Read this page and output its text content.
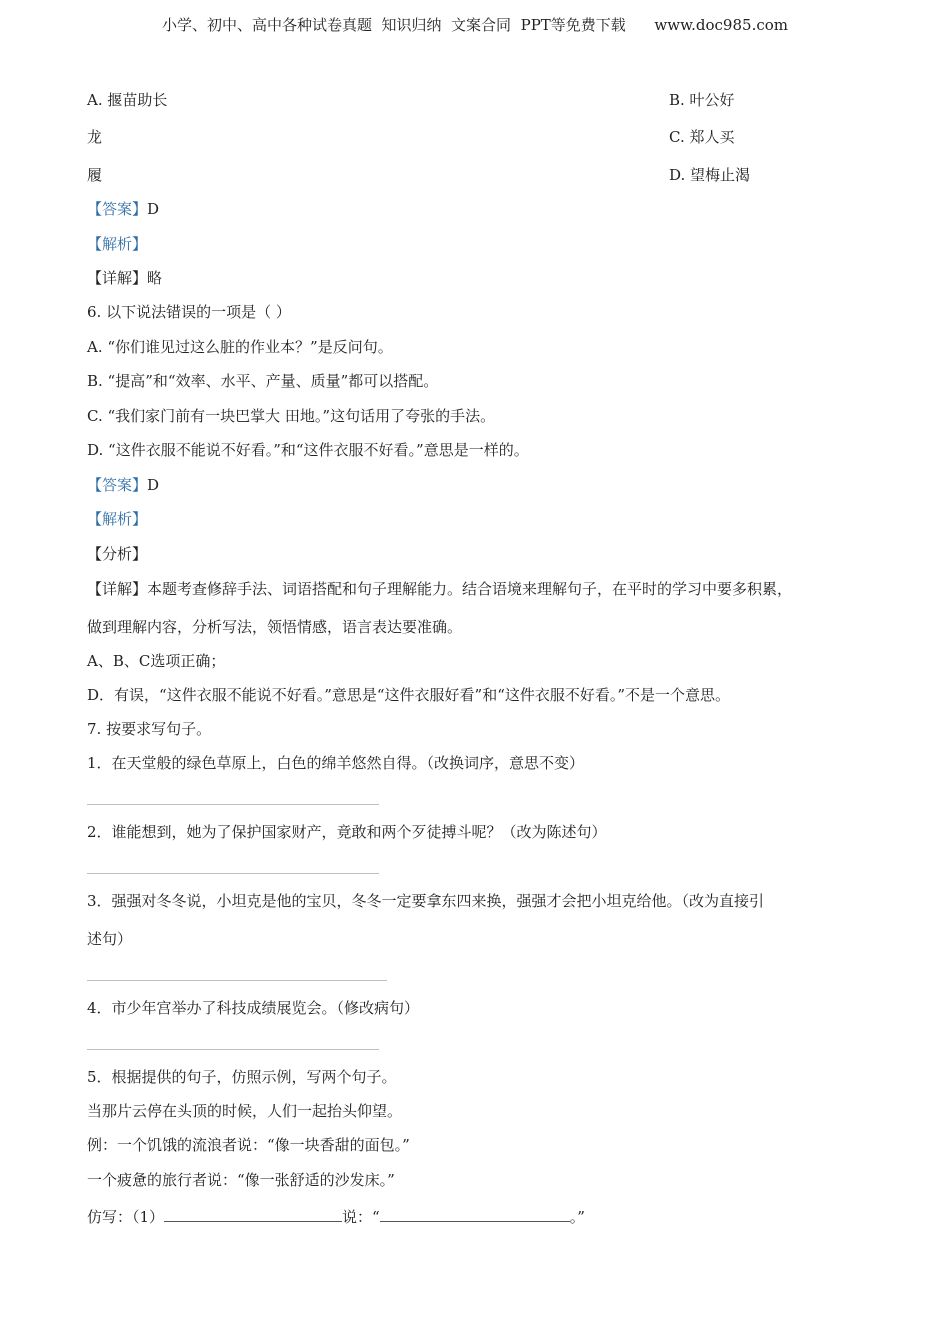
小学、初中、高中各种试卷真题  知识归纳  文案合同  PPT等免费下载      www.doc985.com
A. 揠苗助长	B. 叶公好
龙	C. 郑人买
履	D. 望梅止渴
【答案】D
【解析】
【详解】略
6. 以下说法错误的一项是（ ）
A. “你们谁见过这么脏的作业本？”是反问句。
B. “提高”和“效率、水平、产量、质量”都可以搭配。
C. “我们家门前有一块巴掌大 田地。”这句话用了夸张的手法。
D. “这件衣服不能说不好看。”和“这件衣服不好看。”意思是一样的。
【答案】D
【解析】
【分析】
【详解】本题考查修辞手法、词语搭配和句子理解能力。结合语境来理解句子，在平时的学习中要多积累，
做到理解内容，分析写法，领悟情感，语言表达要准确。
A、B、C选项正确；
D．有误，“这件衣服不能说不好看。”意思是“这件衣服好看”和“这件衣服不好看。”不是一个意思。
7. 按要求写句子。
1．在天堂般的绿色草原上，白色的绵羊悠然自得。（改换词序，意思不变）
2．谁能想到，她为了保护国家财产，竟敢和两个歹徒搏斗呢？（改为陈述句）
3．强强对冬冬说，小坦克是他的宝贝，冬冬一定要拿东四来换，强强才会把小坦克给他。（改为直接引
述句）
4．市少年宫举办了科技成绩展览会。（修改病句）
5．根据提供的句子，仿照示例，写两个句子。
当那片云停在头顶的时候，人们一起抬头仰望。
例：一个饥饿的流浪者说：“像一块香甜的面包。”
一个疲惫的旅行者说：“像一张舒适的沙发床。”
仿写：（1）	说：“	。”
